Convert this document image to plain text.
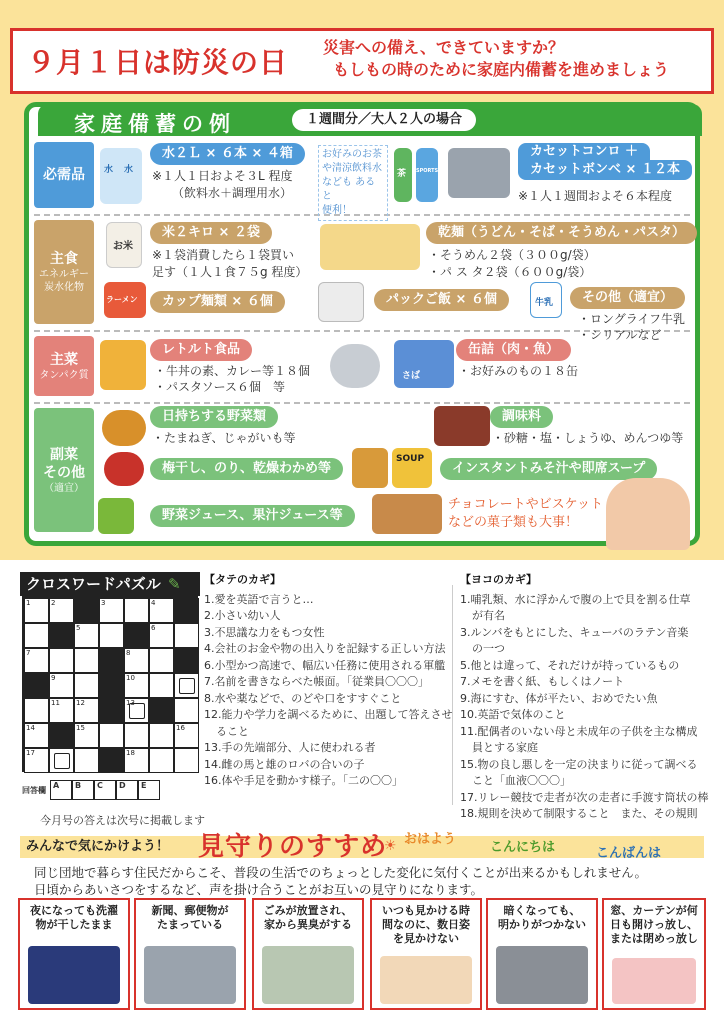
９月１日は防災の日 災害への備え、できていますか？
もしもの時のために家庭内備蓄を進めましょう
家庭備蓄の例	１週間分／大人２人の場合
必需品
主食
エネルギー
炭水化物
主菜
タンパク質
副菜
その他
（適宜）
水 水
水２Ｌ × ６本 × ４箱
※１人１日およそ３L 程度
（飲料水＋調理用水）
お好みのお茶
や清涼飲料水
なども あると
便利！
茶 SPORTS
カセットコンロ ＋
カセットボンベ × １２本
※１人１週間およそ６本程度
お米
米２キロ × ２袋
※１袋消費したら１袋買い
足す（１人１食７５g 程度）
乾麺（うどん・そば・そうめん・パスタ）
・そうめん２袋（３００g/袋）
・パ ス タ２袋（６００g/袋）
ラーメン	カップ麺類 × ６個	パックご飯 × ６個	牛乳	その他（適宜）
・ロングライフ牛乳
・シリアルなど
レトルト食品
・牛丼の素、カレー等１８個
・パスタソース６個　等
さば
缶詰（肉・魚）
・お好みのもの１８缶
日持ちする野菜類
・たまねぎ、じゃがいも等
調味料
・砂糖・塩・しょうゆ、めんつゆ等
梅干し、のり、乾燥わかめ等
SOUP
インスタントみそ汁や即席スープ
野菜ジュース、果汁ジュース等
チョコレートやビスケット
などの菓子類も大事！
クロスワードパズル ✎
1	2	3	4
5	6
7	8
9	10
11 12	13
14	15	16
17	18
回答欄 A	B	C	D	E
今月号の答えは次号に掲載します
【タテのカギ】
1.愛を英語で言うと…
2.小さい幼い人
3.不思議な力をもつ女性
4.会社のお金や物の出入りを記録する正しい方法
6.小型かつ高速で、幅広い任務に使用される軍艦
7.名前を書きならべた帳面。「従業員〇〇〇」
8.水や薬などで、のどや口をすすぐこと
12.能力や学力を調べるために、出題して答えさせ
ること
13.手の先端部分、人に使われる者
14.雌の馬と雄のロバの合いの子
16.体や手足を動かす様子。「二の〇〇」
【ヨコのカギ】
1.哺乳類、水に浮かんで腹の上で貝を割る仕草
が有名
3.ルンバをもとにした、キューバのラテン音楽
の一つ
5.他とは違って、それだけが持っているもの
7.メモを書く紙、もしくはノート
9.海にすむ、体が平たい、おめでたい魚
10.英語で気体のこと
11.配偶者のいない母と未成年の子供を主な構成
員とする家庭
15.物の良し悪しを一定の決まりに従って調べる
こと「血液〇〇〇」
17.リレー競技で走者が次の走者に手渡す筒状の棒
18.規則を決めて制限すること　また、その規則
みんなで気にかけよう！ 見守りのすすめ
☀ おはよう
こんにちは	こんばんは
同じ団地で暮らす住民だからこそ、普段の生活でのちょっとした変化に気付くことが出来るかもしれません。
日頃からあいさつをするなど、声を掛け合うことがお互いの見守りになります。
夜になっても洗濯
物が干したまま
新聞、郵便物が
たまっている
ごみが放置され、
家から異臭がする
いつも見かける時
間なのに、数日姿
を見かけない
暗くなっても、
明かりがつかない
窓、カーテンが何
日も開けっ放し、
または閉めっ放し
